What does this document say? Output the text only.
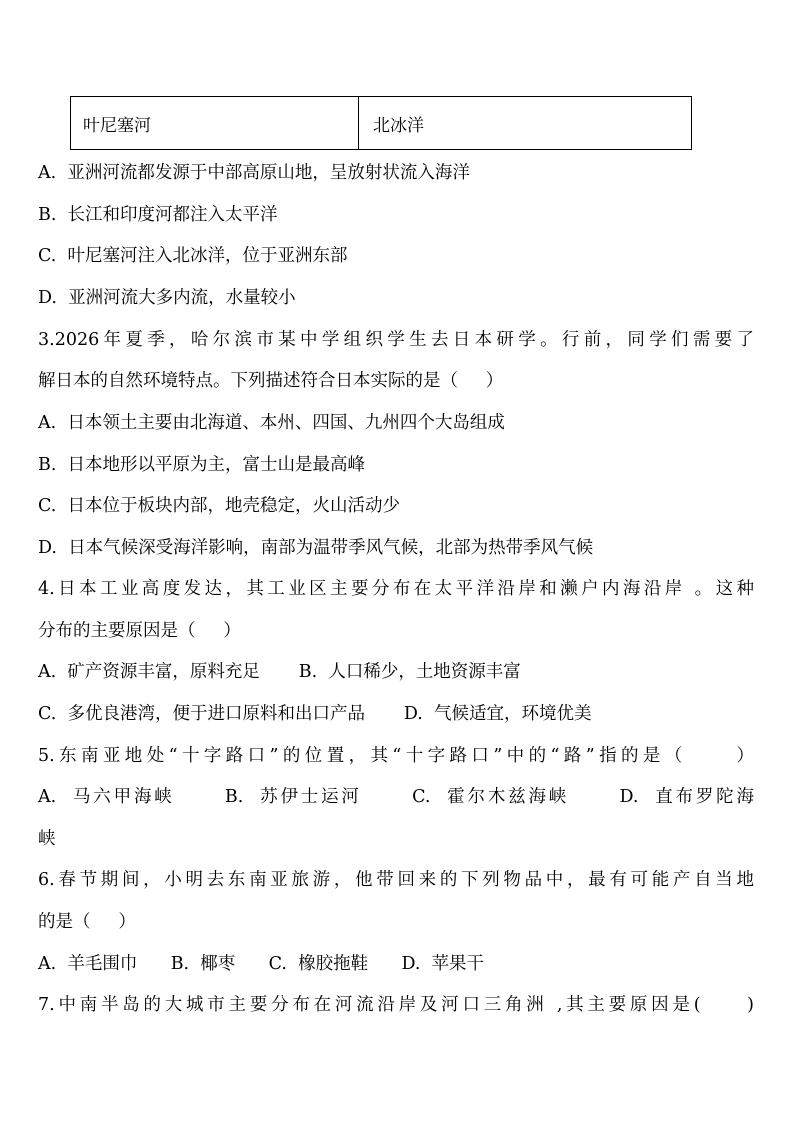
叶尼塞河	北冰洋
A.  亚洲河流都发源于中部高原山地，呈放射状流入海洋
B.  长江和印度河都注入太平洋
C.  叶尼塞河注入北冰洋，位于亚洲东部
D.  亚洲河流大多内流，水量较小
3.2026年夏季，哈尔滨市某中学组织学生去日本研学。行前，同学们需要了
解日本的自然环境特点。下列描述符合日本实际的是（     ）
A.  日本领土主要由北海道、本州、四国、九州四个大岛组成
B.  日本地形以平原为主，富士山是最高峰
C.  日本位于板块内部，地壳稳定，火山活动少
D.  日本气候深受海洋影响，南部为温带季风气候，北部为热带季风气候
4.日本工业高度发达，其工业区主要分布在太平洋沿岸和濑户内海沿岸 。这种
分布的主要原因是（     ）
A.  矿产资源丰富，原料充足       B.  人口稀少，土地资源丰富
C.  多优良港湾，便于进口原料和出口产品       D.  气候适宜，环境优美
5.东南亚地处“十字路口”的位置，其“十字路口”中的“路”指的是（     ）
A.  马六甲海峡      B.  苏伊士运河      C.  霍尔木兹海峡      D.  直布罗陀海
峡
6.春节期间，小明去东南亚旅游，他带回来的下列物品中，最有可能产自当地
的是（     ）
A.  羊毛围巾      B.  椰枣      C.  橡胶拖鞋      D.  苹果干
7.中南半岛的大城市主要分布在河流沿岸及河口三角洲 ,其主要原因是(     )
